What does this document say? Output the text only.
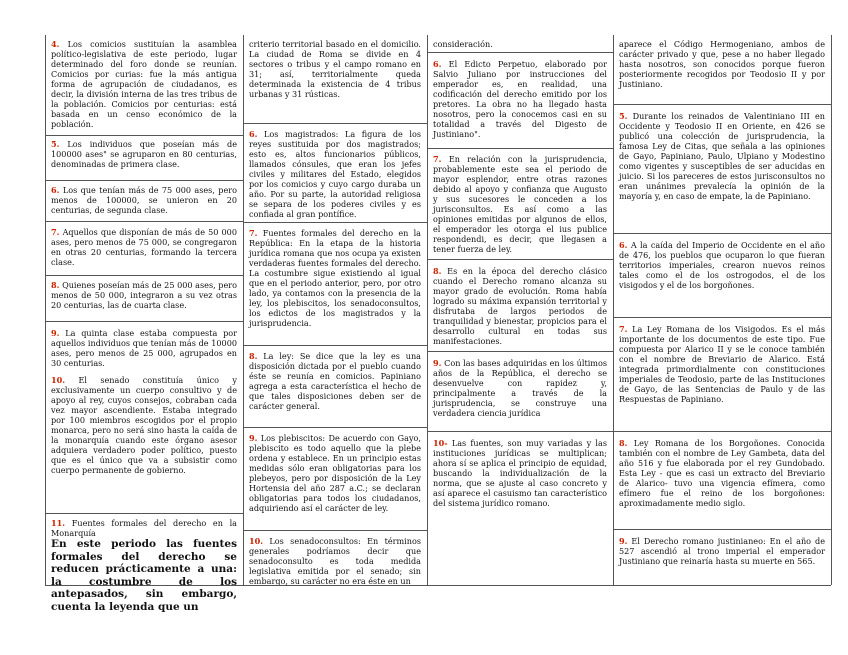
4. Los comicios sustituían la asamblea político-legislativa de este periodo, lugar determinado del foro donde se reunían. Comicios por curias: fue la más antigua forma de agrupación de ciudadanos, es decir, la división interna de las tres tribus de la población. Comicios por centurias: está basada en un censo económico de la población.
5. Los individuos que poseían más de 100000 ases" se agruparon en 80 centurias, denominadas de primera clase.
6. Los que tenían más de 75 000 ases, pero menos de 100000, se unieron en 20 centurias, de segunda clase.
7. Aquellos que disponían de más de 50 000 ases, pero menos de 75 000, se congregaron en otras 20 centurias, formando la tercera clase.
8. Quienes poseían más de 25 000 ases, pero menos de 50 000, integraron a su vez otras 20 centurias, las de cuarta clase.
9. La quinta clase estaba compuesta por aquellos individuos que tenían más de 10000 ases, pero menos de 25 000, agrupados en 30 centurias.
10. El senado constituía único y exclusivamente un cuerpo consultivo y de apoyo al rey, cuyos consejos, cobraban cada vez mayor ascendiente. Estaba integrado por 100 miembros escogidos por el propio monarca, pero no será sino hasta la caída de la monarquía cuando este órgano asesor adquiera verdadero poder político, puesto que es el único que va a subsistir como cuerpo permanente de gobierno.
11. Fuentes formales del derecho en la Monarquía
En este periodo las fuentes formales del derecho se reducen prácticamente a una: la costumbre de los antepasados, sin embargo, cuenta la leyenda que un
criterio territorial basado en el domicilio. La ciudad de Roma se divide en 4 sectores o tribus y el campo romano en 31; así, territorialmente queda determinada la existencia de 4 tribus urbanas y 31 rústicas.
6. Los magistrados: La figura de los reyes sustituida por dos magistrados; esto es, altos funcionarios públicos, llamados cónsules, que eran los jefes civiles y militares del Estado, elegidos por los comicios y cuyo cargo duraba un año. Por su parte, la autoridad religiosa se separa de los poderes civiles y es confiada al gran pontífice.
7. Fuentes formales del derecho en la República: En la etapa de la historia jurídica romana que nos ocupa ya existen verdaderas fuentes formales del derecho. La costumbre sigue existiendo al igual que en el periodo anterior, pero, por otro lado, ya contamos con la presencia de la ley, los plebiscitos, los senadoconsultos, los edictos de los magistrados y la jurisprudencia.
8. La ley: Se dice que la ley es una disposición dictada por el pueblo cuando éste se reunía en comicios. Papiniano agrega a esta característica el hecho de que tales disposiciones deben ser de carácter general.
9. Los plebiscitos: De acuerdo con Gayo, plebiscito es todo aquello que la plebe ordena y establece. En un principio estas medidas sólo eran obligatorias para los plebeyos, pero por disposición de la Ley Hortensia del año 287 a.C.; se declaran obligatorias para todos los ciudadanos, adquiriendo así el carácter de ley.
10. Los senadoconsultos: En términos generales podríamos decir que senadoconsulto es toda medida legislativa emitida por el senado; sin embargo, su carácter no era éste en un
consideración.
6. El Edicto Perpetuo, elaborado por Salvio Juliano por instrucciones del emperador es, en realidad, una codificación del derecho emitido por los pretores. La obra no ha llegado hasta nosotros, pero la conocemos casi en su totalidad a través del Digesto de Justiniano".
7. En relación con la jurisprudencia, probablemente este sea el periodo de mayor esplendor, entre otras razones debido al apoyo y confianza que Augusto y sus sucesores le conceden a los jurisconsultos. Es así como a las opiniones emitidas por algunos de ellos, el emperador les otorga el ius publice respondendi, es decir, que llegasen a tener fuerza de ley.
8. Es en la época del derecho clásico cuando el Derecho romano alcanza su mayor grado de evolución. Roma había logrado su máxima expansión territorial y disfrutaba de largos periodos de tranquilidad y bienestar, propicios para el desarrollo cultural en todas sus manifestaciones.
9. Con las bases adquiridas en los últimos años de la República, el derecho se desenvuelve con rapidez y, principalmente a través de la jurisprudencia, se construye una verdadera ciencia jurídica
10- Las fuentes, son muy variadas y las instituciones jurídicas se multiplican; ahora sí se aplica el principio de equidad, buscando la individualización de la norma, que se ajuste al caso concreto y así aparece el casuismo tan característico del sistema jurídico romano.
aparece el Código Hermogeniano, ambos de carácter privado y que, pese a no haber llegado hasta nosotros, son conocidos porque fueron posteriormente recogidos por Teodosio II y por Justiniano.
5. Durante los reinados de Valentiniano III en Occidente y Teodosio II en Oriente, en 426 se publicó una colección de jurisprudencia, la famosa Ley de Citas, que señala a las opiniones de Gayo, Papiniano, Paulo, Ulpiano y Modestino como vigentes y susceptibles de ser aducidas en juicio. Si los pareceres de estos jurisconsultos no eran unánimes prevalecía la opinión de la mayoría y, en caso de empate, la de Papiniano.
6. A la caída del Imperio de Occidente en el año de 476, los pueblos que ocuparon lo que fueran territorios imperiales, crearon nuevos reinos tales como el de los ostrogodos, el de los visigodos y el de los borgoñones.
7. La Ley Romana de los Visigodos. Es el más importante de los documentos de este tipo. Fue compuesta por Alarico II y se le conoce también con el nombre de Breviario de Alarico. Está integrada primordialmente con constituciones imperiales de Teodosio, parte de las Instituciones de Gayo, de las Sentencias de Paulo y de las Respuestas de Papiniano.
8. Ley Romana de los Borgoñones. Conocida también con el nombre de Ley Gambeta, data del año 516 y fue elaborada por el rey Gundobado. Esta Ley - que es casi un extracto del Breviario de Alarico- tuvo una vigencia efímera, como efímero fue el reino de los borgoñones: aproximadamente medio siglo.
9. El Derecho romano justinianeo: En el año de 527 ascendió al trono imperial el emperador Justiniano que reinaría hasta su muerte en 565.
